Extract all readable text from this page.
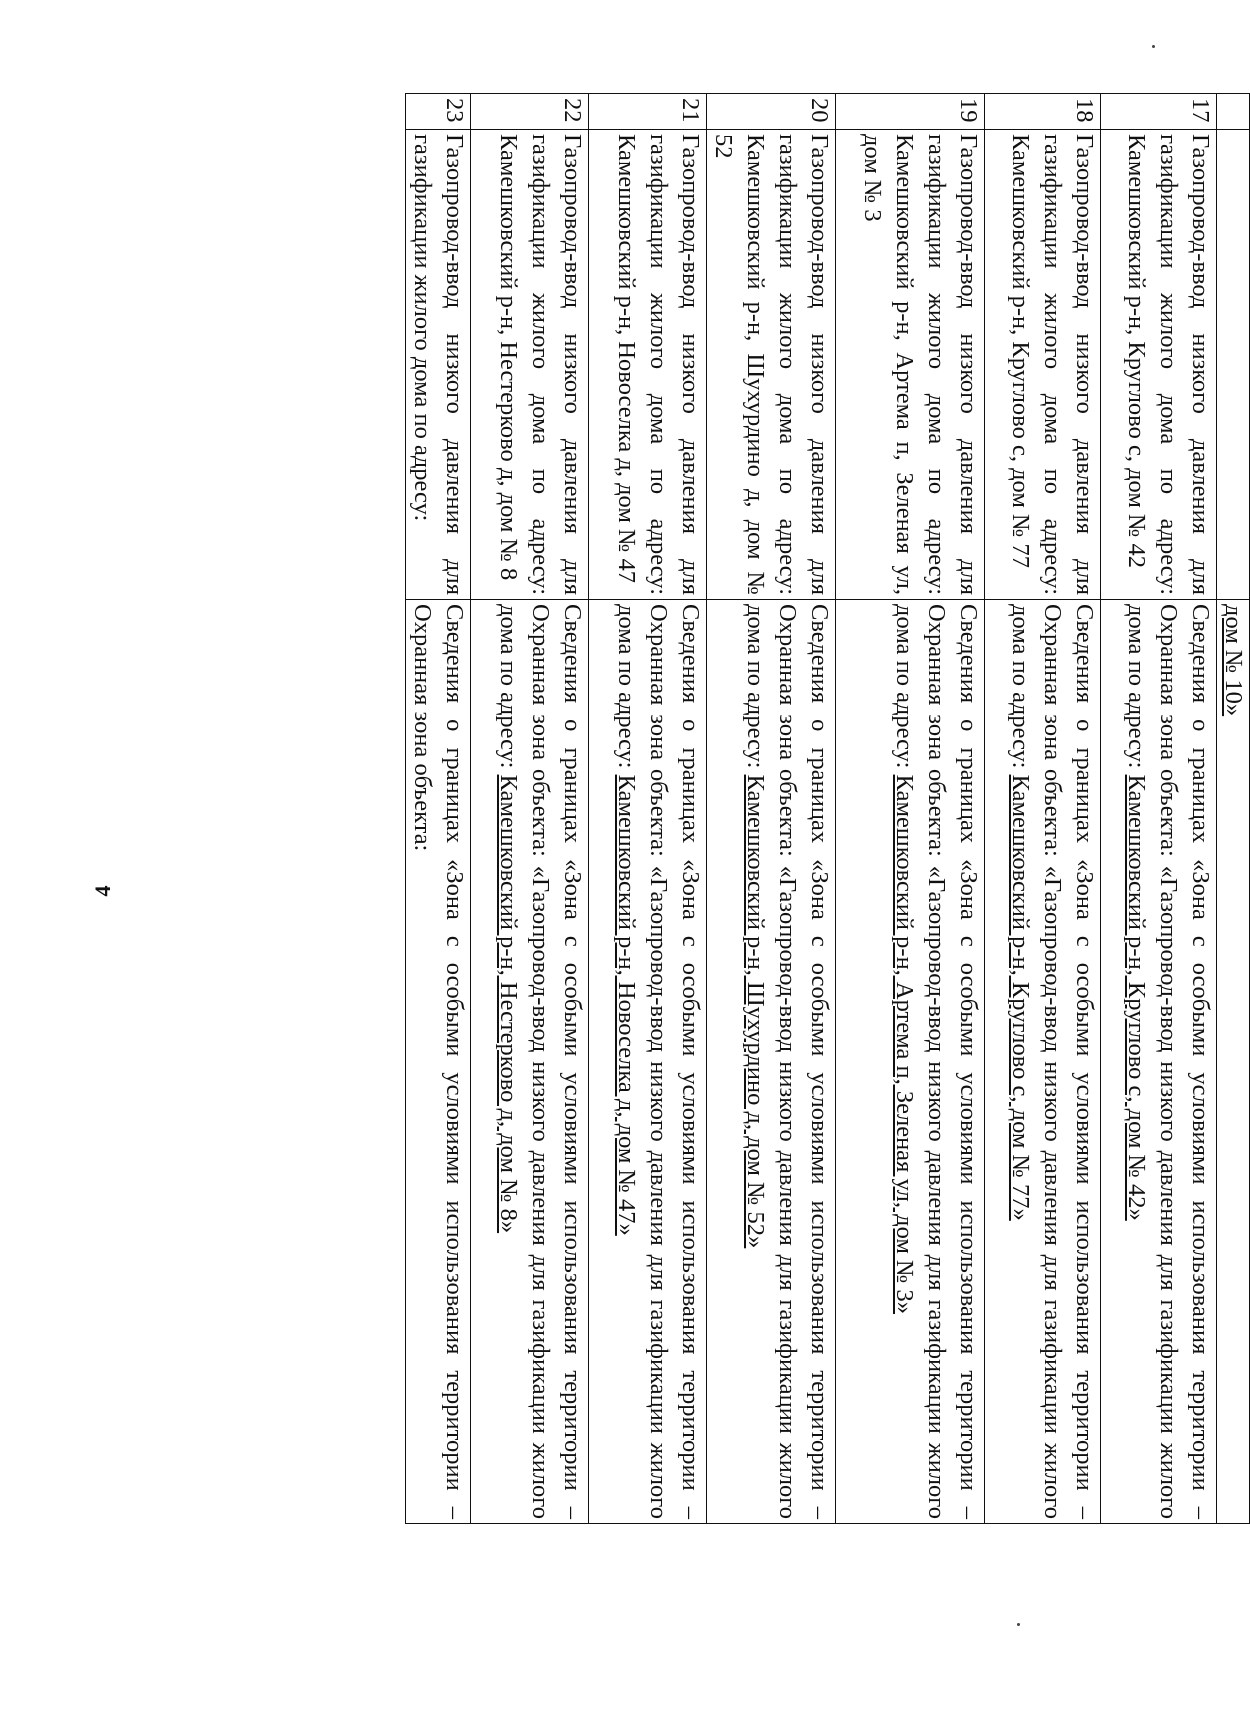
4
		дом № 10»
17	Газопровод-ввод низкого давления для газификации жилого дома по адресу: Камешковский р-н, Круглово с, дом № 42	Сведения о границах «Зона с особыми условиями использования территории – Охранная зона объекта: «Газопровод-ввод низкого давления для газификации жилого дома по адресу: Камешковский р-н, Круглово с, дом № 42»
18	Газопровод-ввод низкого давления для газификации жилого дома по адресу: Камешковский р-н, Круглово с, дом № 77	Сведения о границах «Зона с особыми условиями использования территории – Охранная зона объекта: «Газопровод-ввод низкого давления для газификации жилого дома по адресу: Камешковский р-н, Круглово с, дом № 77»
19	Газопровод-ввод низкого давления для газификации жилого дома по адресу: Камешковский р-н, Артема п, Зеленая ул, дом № 3	Сведения о границах «Зона с особыми условиями использования территории – Охранная зона объекта: «Газопровод-ввод низкого давления для газификации жилого дома по адресу: Камешковский р-н, Артема п, Зеленая ул, дом № 3»
20	Газопровод-ввод низкого давления для газификации жилого дома по адресу: Камешковский р-н, Шухурдино д, дом № 52	Сведения о границах «Зона с особыми условиями использования территории – Охранная зона объекта: «Газопровод-ввод низкого давления для газификации жилого дома по адресу: Камешковский р-н, Шухурдино д, дом № 52»
21	Газопровод-ввод низкого давления для газификации жилого дома по адресу: Камешковский р-н, Новоселка д, дом № 47	Сведения о границах «Зона с особыми условиями использования территории – Охранная зона объекта: «Газопровод-ввод низкого давления для газификации жилого дома по адресу: Камешковский р-н, Новоселка д, дом № 47»
22	Газопровод-ввод низкого давления для газификации жилого дома по адресу: Камешковский р-н, Нестерково д, дом № 8	Сведения о границах «Зона с особыми условиями использования территории – Охранная зона объекта: «Газопровод-ввод низкого давления для газификации жилого дома по адресу: Камешковский р-н, Нестерково д, дом № 8»
23	Газопровод-ввод низкого давления для газификации жилого дома по адресу:	Сведения о границах «Зона с особыми условиями использования территории – Охранная зона объекта:
